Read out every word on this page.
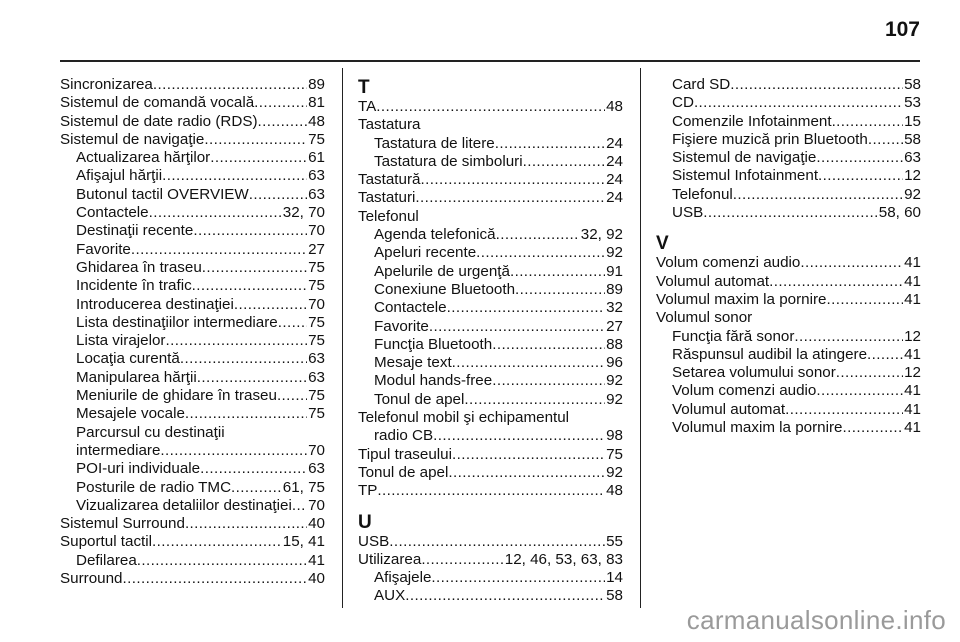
107
Sincronizarea .....	89
Sistemul de comandă vocală .....	81
Sistemul de date radio (RDS) .....	48
Sistemul de navigaţie .....	75
Actualizarea hărţilor .....	61
Afişajul hărţii .....	63
Butonul tactil OVERVIEW .....	63
Contactele .....	32, 70
Destinaţii recente .....	70
Favorite .....	27
Ghidarea în traseu .....	75
Incidente în trafic .....	75
Introducerea destinaţiei .....	70
Lista destinaţiilor intermediare ..... 75
Lista virajelor .....	75
Locaţia curentă .....	63
Manipularea hărţii .....	63
Meniurile de ghidare în traseu ..... 75
Mesajele vocale .....	75
Parcursul cu destinaţii
intermediare .....	70
POI-uri individuale .....	63
Posturile de radio TMC .....	61, 75
Vizualizarea detaliilor destinaţiei ..... 70
Sistemul Surround .....	40
Suportul tactil .....	15, 41
Defilarea .....	41
Surround .....	40
T
TA .....	48
Tastatura
Tastatura de litere .....	24
Tastatura de simboluri .....	24
Tastatură .....	24
Tastaturi .....	24
Telefonul
Agenda telefonică .....	32, 92
Apeluri recente .....	92
Apelurile de urgenţă .....	91
Conexiune Bluetooth .....	89
Contactele .....	32
Favorite .....	27
Funcţia Bluetooth .....	88
Mesaje text .....	96
Modul hands-free .....	92
Tonul de apel .....	92
Telefonul mobil şi echipamentul
radio CB .....	98
Tipul traseului .....	75
Tonul de apel .....	92
TP .....	48
U
USB .....	55
Utilizarea .....	12, 46, 53, 63, 83
Afişajele .....	14
AUX .....	58
Card SD .....	58
CD .....	53
Comenzile Infotainment .....	15
Fişiere muzică prin Bluetooth ..... 58
Sistemul de navigaţie .....	63
Sistemul Infotainment .....	12
Telefonul .....	92
USB .....	58, 60
V
Volum comenzi audio .....	41
Volumul automat .....	41
Volumul maxim la pornire .....	41
Volumul sonor
Funcţia fără sonor .....	12
Răspunsul audibil la atingere ..... 41
Setarea volumului sonor .....	12
Volum comenzi audio .....	41
Volumul automat .....	41
Volumul maxim la pornire .....	41
carmanualsonline.info
